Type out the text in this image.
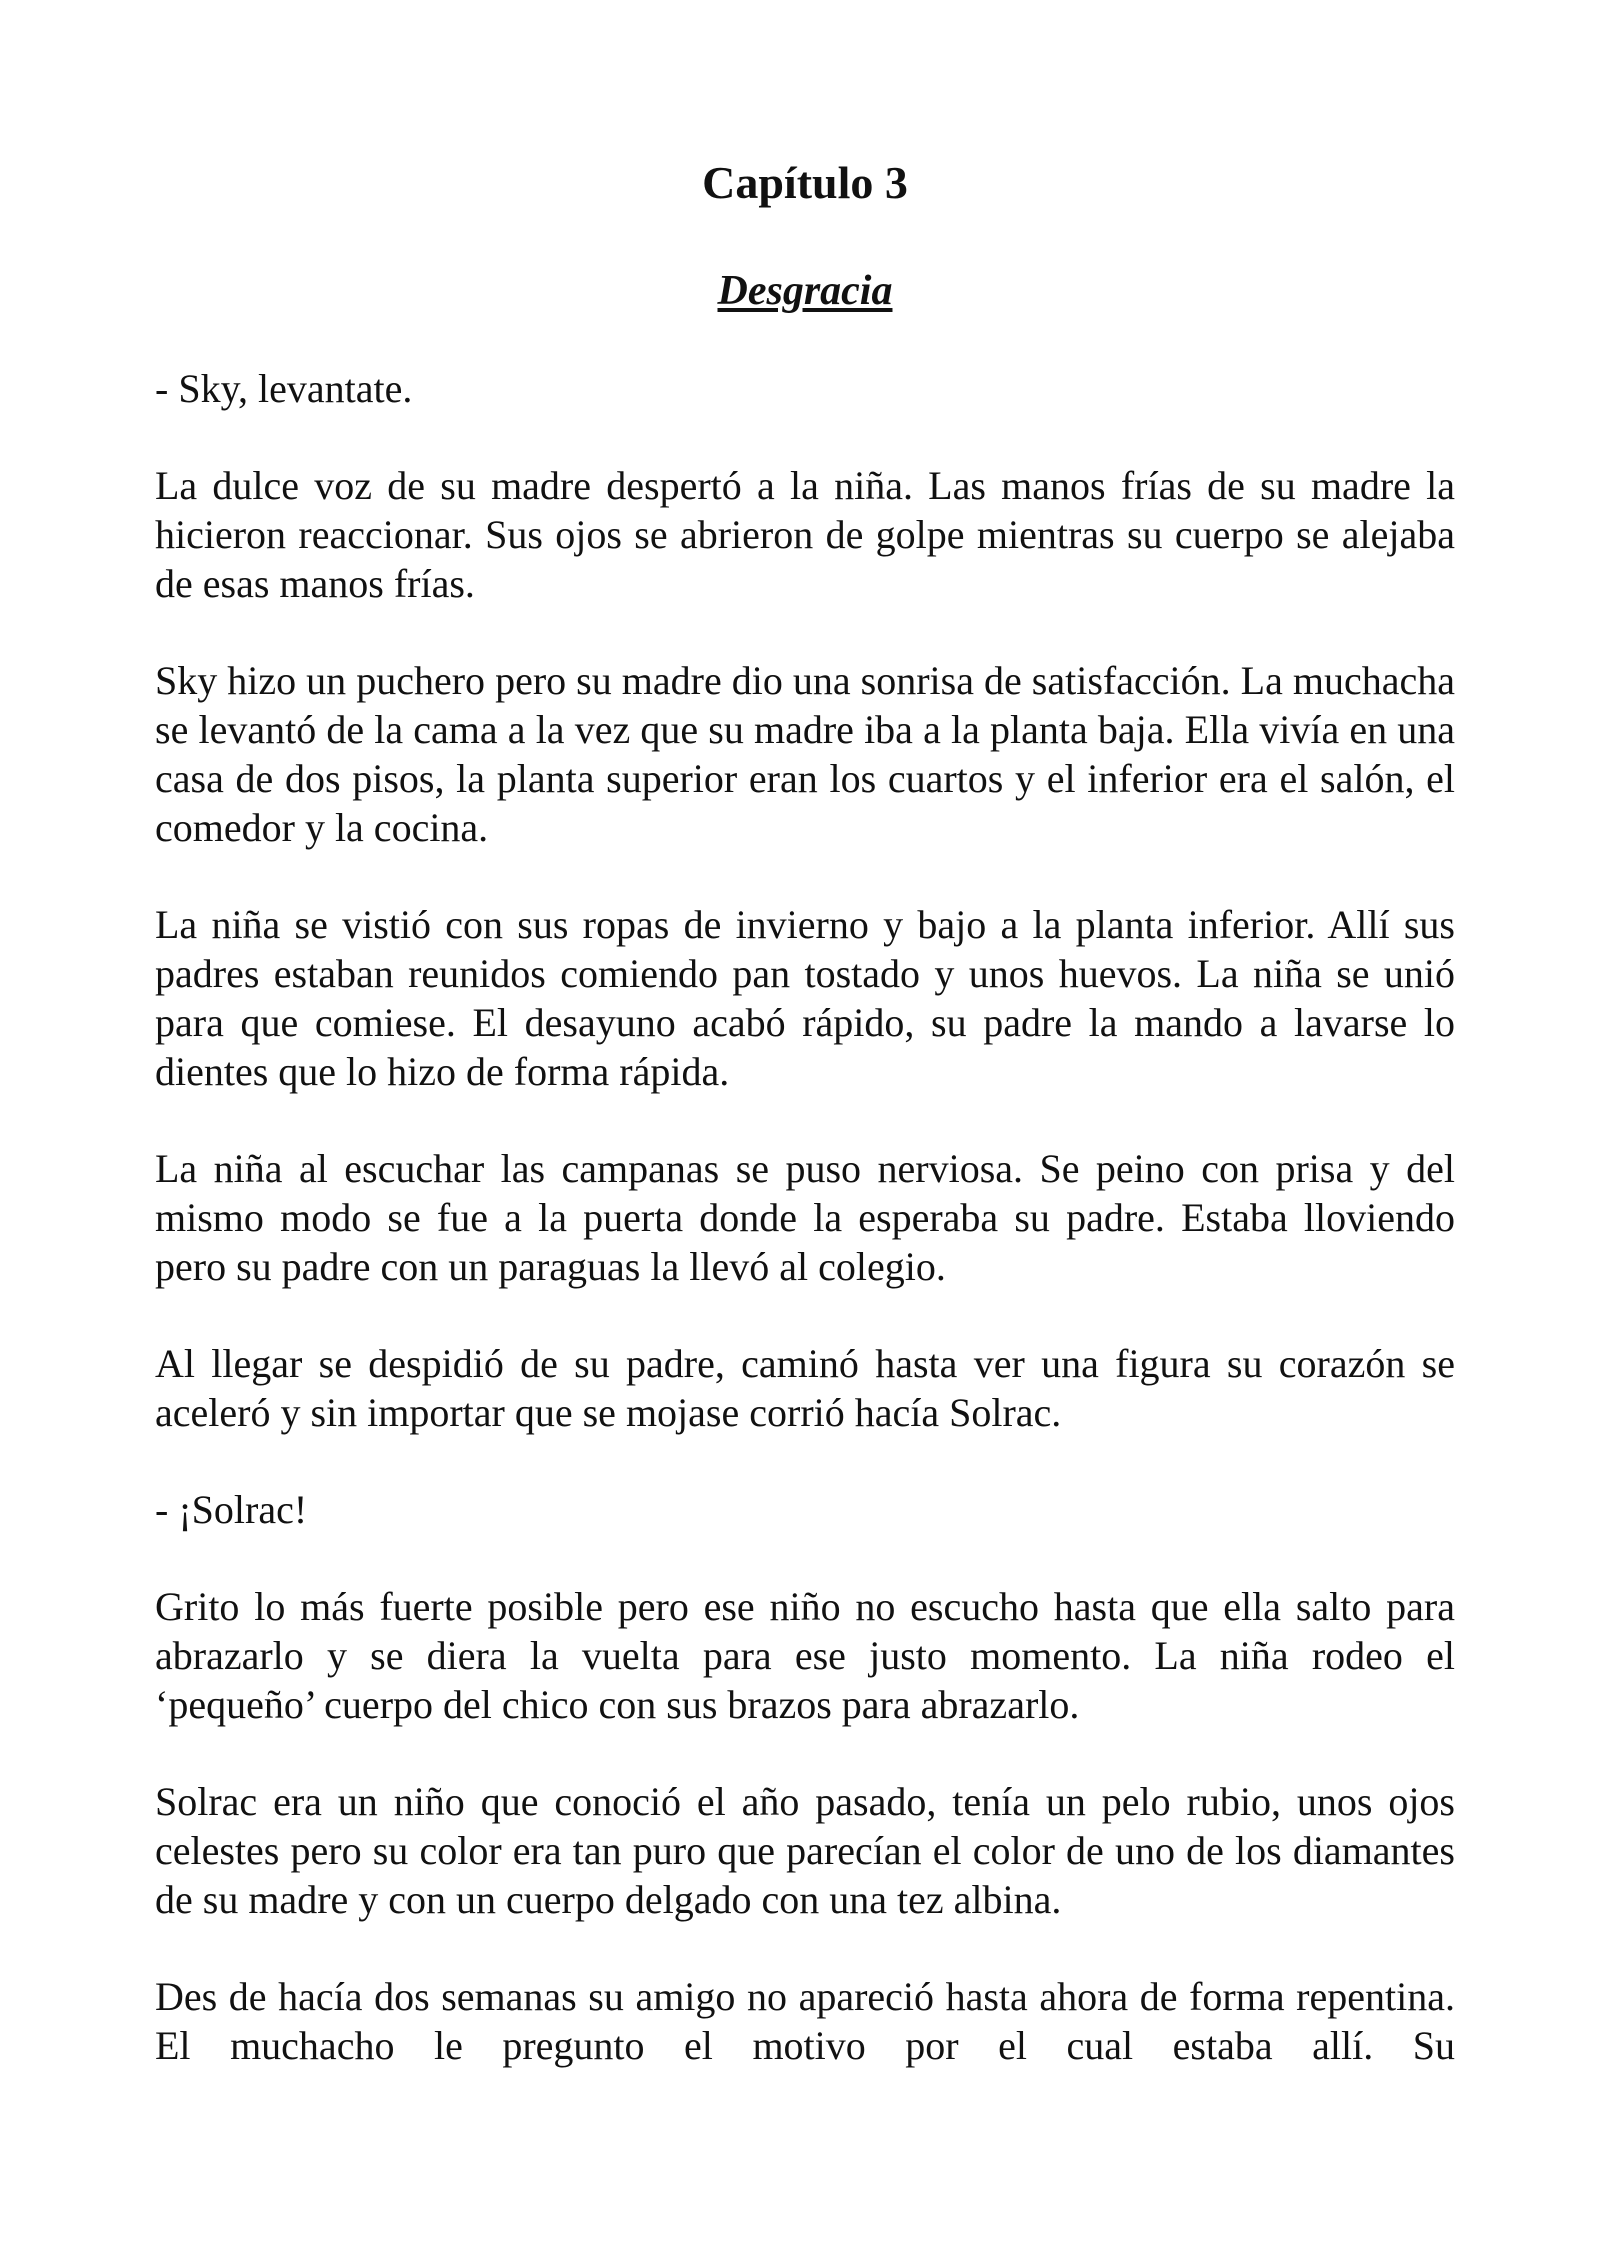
Capítulo 3
Desgracia

- Sky, levantate.

La dulce voz de su madre despertó a la niña. Las manos frías de su madre la hicieron reaccionar. Sus ojos se abrieron de golpe mientras su cuerpo se alejaba de esas manos frías.

Sky hizo un puchero pero su madre dio una sonrisa de satisfacción. La muchacha se levantó de la cama a la vez que su madre iba a la planta baja. Ella vivía en una casa de dos pisos, la planta superior eran los cuartos y el inferior era el salón, el comedor y la cocina.

La niña se vistió con sus ropas de invierno y bajo a la planta inferior. Allí sus padres estaban reunidos comiendo pan tostado y unos huevos. La niña se unió para que comiese. El desayuno acabó rápido, su padre la mando a lavarse lo dientes que lo hizo de forma rápida.

La niña al escuchar las campanas se puso nerviosa. Se peino con prisa y del mismo modo se fue a la puerta donde la esperaba su padre. Estaba lloviendo pero su padre con un paraguas la llevó al colegio.

Al llegar se despidió de su padre, caminó hasta ver una figura su corazón se aceleró y sin importar que se mojase corrió hacía Solrac.

- ¡Solrac!

Grito lo más fuerte posible pero ese niño no escucho hasta que ella salto para abrazarlo y se diera la vuelta para ese justo momento. La niña rodeo el ‘pequeño’ cuerpo del chico con sus brazos para abrazarlo.

Solrac era un niño que conoció el año pasado, tenía un pelo rubio, unos ojos celestes pero su color era tan puro que parecían el color de uno de los diamantes de su madre y con un cuerpo delgado con una tez albina.

Des de hacía dos semanas su amigo no apareció hasta ahora de forma repentina. El muchacho le pregunto el motivo por el cual estaba allí. Su
